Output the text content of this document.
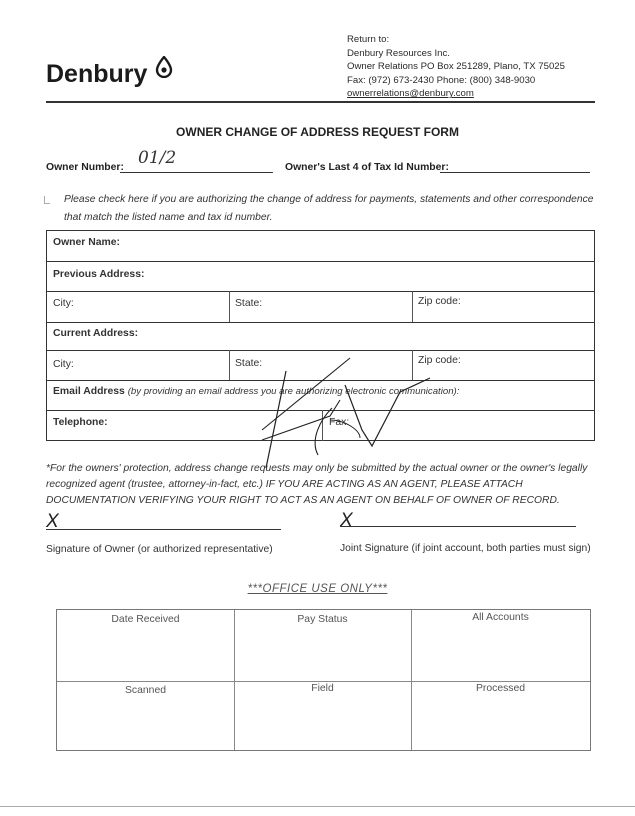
Denbury
Return to:
Denbury Resources Inc.
Owner Relations PO Box 251289, Plano, TX 75025
Fax: (972) 673-2430 Phone: (800) 348-9030
ownerrelations@denbury.com
OWNER CHANGE OF ADDRESS REQUEST FORM
Owner Number: 01/2	Owner's Last 4 of Tax Id Number:
Please check here if you are authorizing the change of address for payments, statements and other correspondence that match the listed name and tax id number.
Owner Name:
Previous Address:
City:	State:	Zip code:
Current Address:
City:	State:	Zip code:
Email Address (by providing an email address you are authorizing electronic communication):
Telephone:	Fax:
*For the owners' protection, address change requests may only be submitted by the actual owner or the owner's legally recognized agent (trustee, attorney-in-fact, etc.) IF YOU ARE ACTING AS AN AGENT, PLEASE ATTACH DOCUMENTATION VERIFYING YOUR RIGHT TO ACT AS AN AGENT ON BEHALF OF OWNER OF RECORD.
X	X
Signature of Owner (or authorized representative)	Joint Signature (if joint account, both parties must sign)
***OFFICE USE ONLY***
Date Received	Pay Status	All Accounts
Scanned	Field	Processed
